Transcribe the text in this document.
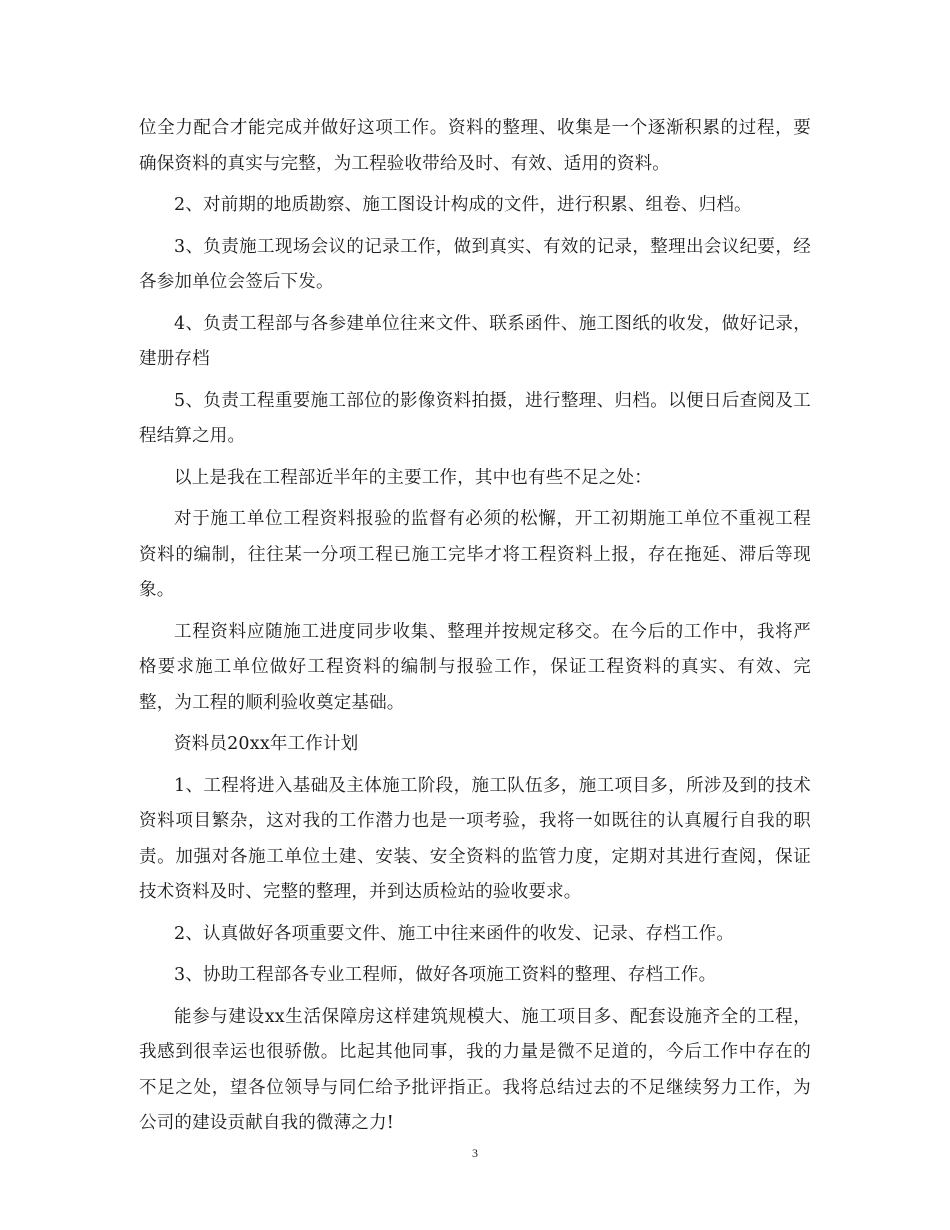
位全力配合才能完成并做好这项工作。资料的整理、收集是一个逐渐积累的过程，要确保资料的真实与完整，为工程验收带给及时、有效、适用的资料。

2、对前期的地质勘察、施工图设计构成的文件，进行积累、组卷、归档。

3、负责施工现场会议的记录工作，做到真实、有效的记录，整理出会议纪要，经各参加单位会签后下发。

4、负责工程部与各参建单位往来文件、联系函件、施工图纸的收发，做好记录，建册存档

5、负责工程重要施工部位的影像资料拍摄，进行整理、归档。以便日后查阅及工程结算之用。

以上是我在工程部近半年的主要工作，其中也有些不足之处：

对于施工单位工程资料报验的监督有必须的松懈，开工初期施工单位不重视工程资料的编制，往往某一分项工程已施工完毕才将工程资料上报，存在拖延、滞后等现象。

工程资料应随施工进度同步收集、整理并按规定移交。在今后的工作中，我将严格要求施工单位做好工程资料的编制与报验工作，保证工程资料的真实、有效、完整，为工程的顺利验收奠定基础。

资料员20xx年工作计划

1、工程将进入基础及主体施工阶段，施工队伍多，施工项目多，所涉及到的技术资料项目繁杂，这对我的工作潜力也是一项考验，我将一如既往的认真履行自我的职责。加强对各施工单位土建、安装、安全资料的监管力度，定期对其进行查阅，保证技术资料及时、完整的整理，并到达质检站的验收要求。

2、认真做好各项重要文件、施工中往来函件的收发、记录、存档工作。

3、协助工程部各专业工程师，做好各项施工资料的整理、存档工作。

能参与建设xx生活保障房这样建筑规模大、施工项目多、配套设施齐全的工程，我感到很幸运也很骄傲。比起其他同事，我的力量是微不足道的，今后工作中存在的不足之处，望各位领导与同仁给予批评指正。我将总结过去的不足继续努力工作，为公司的建设贡献自我的微薄之力!

3
